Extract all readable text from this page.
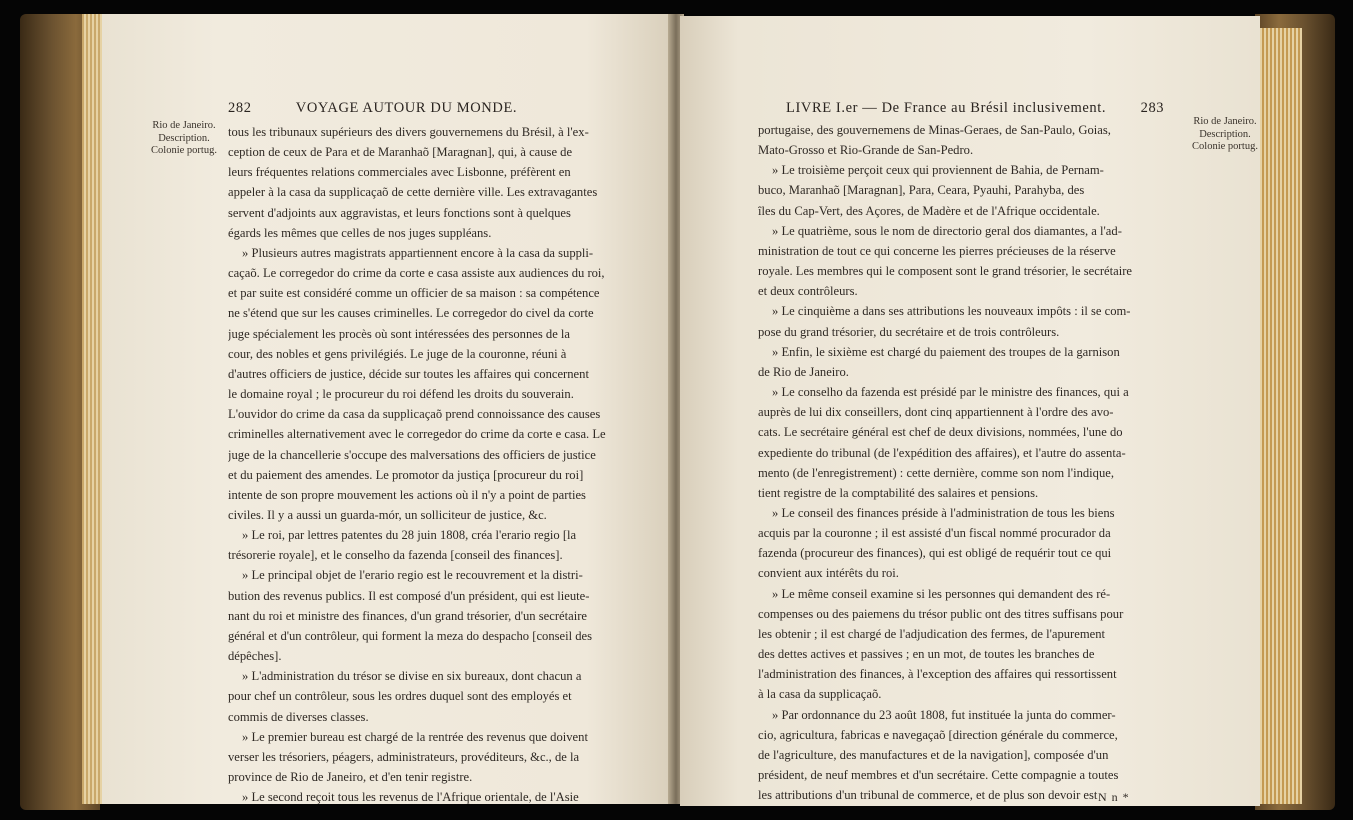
282	VOYAGE AUTOUR DU MONDE.
Rio de Janeiro.
Description.
Colonie portug.
tous les tribunaux supérieurs des divers gouvernemens du Brésil, à l'ex-
ception de ceux de Para et de Maranhaõ [Maragnan], qui, à cause de
leurs fréquentes relations commerciales avec Lisbonne, préfèrent en
appeler à la casa da supplicaçaõ de cette dernière ville. Les extravagantes
servent d'adjoints aux aggravistas, et leurs fonctions sont à quelques
égards les mêmes que celles de nos juges suppléans.
» Plusieurs autres magistrats appartiennent encore à la casa da suppli-
caçaõ. Le corregedor do crime da corte e casa assiste aux audiences du roi,
et par suite est considéré comme un officier de sa maison : sa compétence
ne s'étend que sur les causes criminelles. Le corregedor do civel da corte
juge spécialement les procès où sont intéressées des personnes de la
cour, des nobles et gens privilégiés. Le juge de la couronne, réuni à
d'autres officiers de justice, décide sur toutes les affaires qui concernent
le domaine royal ; le procureur du roi défend les droits du souverain.
L'ouvidor do crime da casa da supplicaçaõ prend connoissance des causes
criminelles alternativement avec le corregedor do crime da corte e casa. Le
juge de la chancellerie s'occupe des malversations des officiers de justice
et du paiement des amendes. Le promotor da justiça [procureur du roi]
intente de son propre mouvement les actions où il n'y a point de parties
civiles. Il y a aussi un guarda-mór, un solliciteur de justice, &c.
» Le roi, par lettres patentes du 28 juin 1808, créa l'erario regio [la
trésorerie royale], et le conselho da fazenda [conseil des finances].
» Le principal objet de l'erario regio est le recouvrement et la distri-
bution des revenus publics. Il est composé d'un président, qui est lieute-
nant du roi et ministre des finances, d'un grand trésorier, d'un secrétaire
général et d'un contrôleur, qui forment la meza do despacho [conseil des
dépêches].
» L'administration du trésor se divise en six bureaux, dont chacun a
pour chef un contrôleur, sous les ordres duquel sont des employés et
commis de diverses classes.
» Le premier bureau est chargé de la rentrée des revenus que doivent
verser les trésoriers, péagers, administrateurs, provéditeurs, &c., de la
province de Rio de Janeiro, et d'en tenir registre.
» Le second reçoit tous les revenus de l'Afrique orientale, de l'Asie

LIVRE I.er — De France au Brésil inclusivement. 283
Rio de Janeiro.
Description.
Colonie portug.
portugaise, des gouvernemens de Minas-Geraes, de San-Paulo, Goias,
Mato-Grosso et Rio-Grande de San-Pedro.
» Le troisième perçoit ceux qui proviennent de Bahia, de Pernam-
buco, Maranhaõ [Maragnan], Para, Ceara, Pyauhi, Parahyba, des
îles du Cap-Vert, des Açores, de Madère et de l'Afrique occidentale.
» Le quatrième, sous le nom de directorio geral dos diamantes, a l'ad-
ministration de tout ce qui concerne les pierres précieuses de la réserve
royale. Les membres qui le composent sont le grand trésorier, le secrétaire
et deux contrôleurs.
» Le cinquième a dans ses attributions les nouveaux impôts : il se com-
pose du grand trésorier, du secrétaire et de trois contrôleurs.
» Enfin, le sixième est chargé du paiement des troupes de la garnison
de Rio de Janeiro.
» Le conselho da fazenda est présidé par le ministre des finances, qui a
auprès de lui dix conseillers, dont cinq appartiennent à l'ordre des avo-
cats. Le secrétaire général est chef de deux divisions, nommées, l'une do
expediente do tribunal (de l'expédition des affaires), et l'autre do assenta-
mento (de l'enregistrement) : cette dernière, comme son nom l'indique,
tient registre de la comptabilité des salaires et pensions.
» Le conseil des finances préside à l'administration de tous les biens
acquis par la couronne ; il est assisté d'un fiscal nommé procurador da
fazenda (procureur des finances), qui est obligé de requérir tout ce qui
convient aux intérêts du roi.
» Le même conseil examine si les personnes qui demandent des ré-
compenses ou des paiemens du trésor public ont des titres suffisans pour
les obtenir ; il est chargé de l'adjudication des fermes, de l'apurement
des dettes actives et passives ; en un mot, de toutes les branches de
l'administration des finances, à l'exception des affaires qui ressortissent
à la casa da supplicaçaõ.
» Par ordonnance du 23 août 1808, fut instituée la junta do commer-
cio, agricultura, fabricas e navegaçaõ [direction générale du commerce,
de l'agriculture, des manufactures et de la navigation], composée d'un
président, de neuf membres et d'un secrétaire. Cette compagnie a toutes
les attributions d'un tribunal de commerce, et de plus son devoir est N n *
